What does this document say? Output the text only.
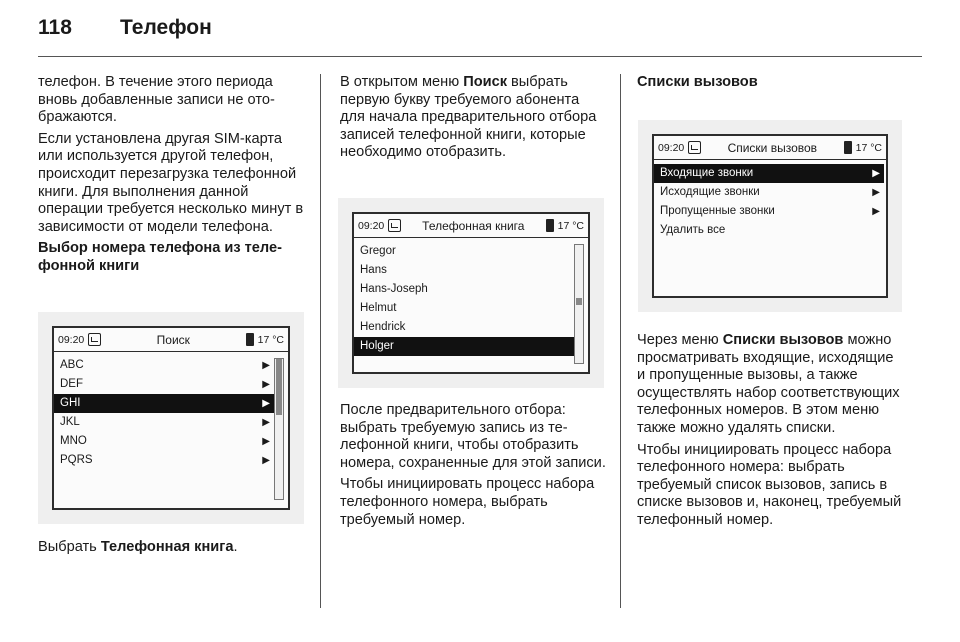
118	Телефон

телефон. В течение этого периода вновь добавленные записи не отображаются.

Если установлена другая SIM-карта или используется другой телефон, происходит перезагрузка телефонной книги. Для выполнения данной операции требуется несколько минут в зависимости от модели телефона.

Выбор номера телефона из телефонной книги

Выбрать Телефонная книга.
09:20	Поиск	17 °C
ABC	▶
DEF	▶
GHI	▶
JKL	▶
MNO	▶
PQRS	▶

В открытом меню Поиск выбрать первую букву требуемого абонента для начала предварительного отбора записей телефонной книги, которые необходимо отобразить.

После предварительного отбора: выбрать требуемую запись из телефонной книги, чтобы отобразить номера, сохраненные для этой записи.

Чтобы инициировать процесс набора телефонного номера, выбрать требуемый номер.

09:20	Телефонная книга	17 °C
Gregor
Hans
Hans-Joseph
Helmut
Hendrick
Holger

Списки вызовов

Через меню Списки вызовов можно просматривать входящие, исходящие и пропущенные вызовы, а также осуществлять набор соответствующих телефонных номеров. В этом меню также можно удалять списки.

Чтобы инициировать процесс набора телефонного номера: выбрать требуемый список вызовов, запись в списке вызовов и, наконец, требуемый телефонный номер.

09:20	Списки вызовов	17 °C
Входящие звонки	▶
Исходящие звонки	▶
Пропущенные звонки	▶
Удалить все
